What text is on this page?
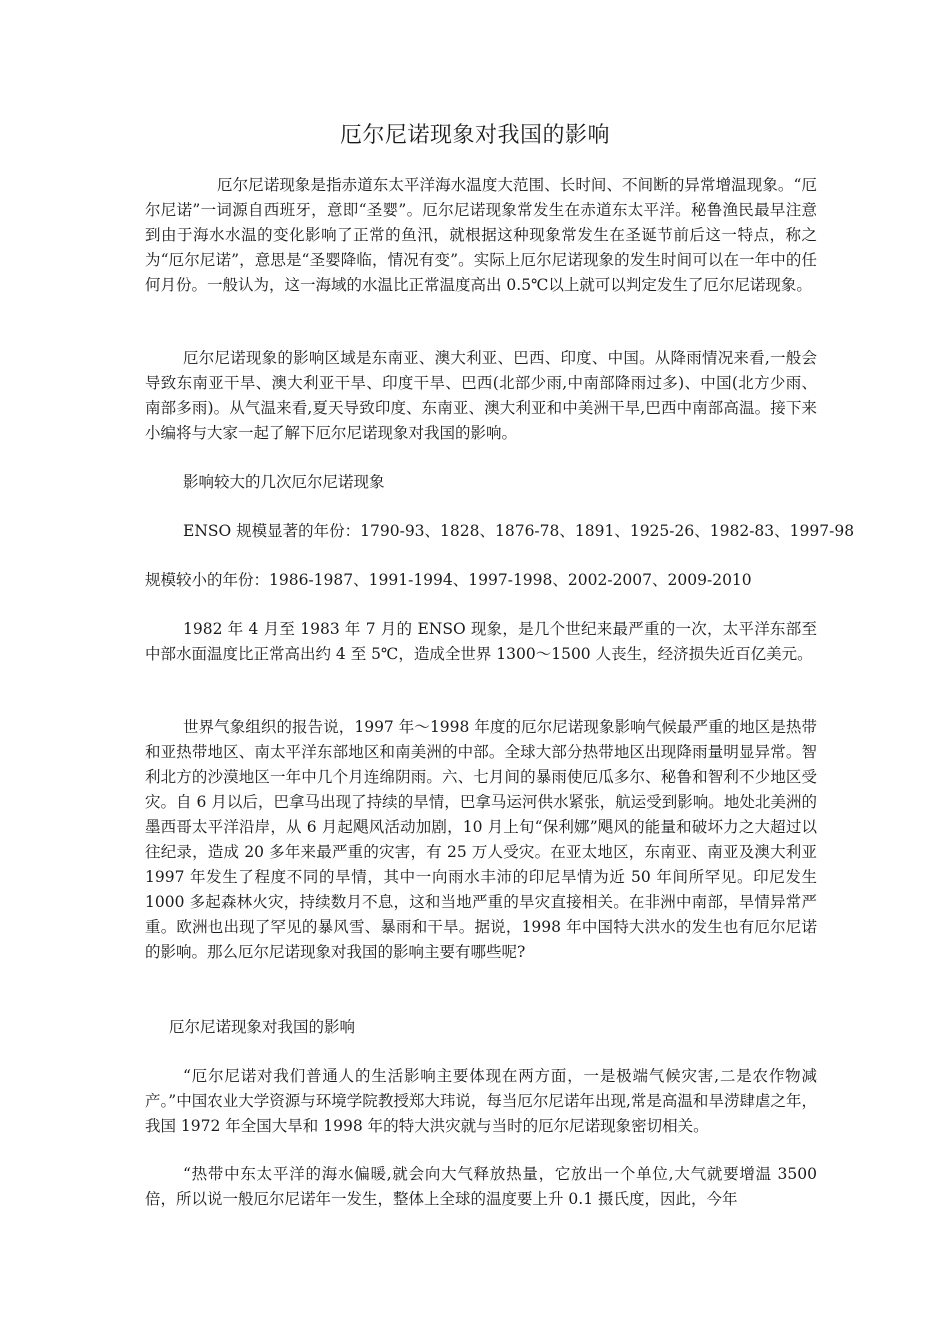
厄尔尼诺现象对我国的影响

厄尔尼诺现象是指赤道东太平洋海水温度大范围、长时间、不间断的异常增温现象。“厄尔尼诺”一词源自西班牙，意即“圣婴”。厄尔尼诺现象常发生在赤道东太平洋。秘鲁渔民最早注意到由于海水水温的变化影响了正常的鱼汛，就根据这种现象常发生在圣诞节前后这一特点，称之为“厄尔尼诺”，意思是“圣婴降临，情况有变”。实际上厄尔尼诺现象的发生时间可以在一年中的任何月份。一般认为，这一海域的水温比正常温度高出 0.5℃以上就可以判定发生了厄尔尼诺现象。

厄尔尼诺现象的影响区域是东南亚、澳大利亚、巴西、印度、中国。从降雨情况来看,一般会导致东南亚干旱、澳大利亚干旱、印度干旱、巴西(北部少雨,中南部降雨过多)、中国(北方少雨、南部多雨)。从气温来看,夏天导致印度、东南亚、澳大利亚和中美洲干旱,巴西中南部高温。接下来小编将与大家一起了解下厄尔尼诺现象对我国的影响。

影响较大的几次厄尔尼诺现象

ENSO 规模显著的年份：1790-93、1828、1876-78、1891、1925-26、1982-83、1997-98

规模较小的年份：1986-1987、1991-1994、1997-1998、2002-2007、2009-2010

1982 年 4 月至 1983 年 7 月的 ENSO 现象，是几个世纪来最严重的一次，太平洋东部至中部水面温度比正常高出约 4 至 5℃，造成全世界 1300～1500 人丧生，经济损失近百亿美元。

世界气象组织的报告说，1997 年～1998 年度的厄尔尼诺现象影响气候最严重的地区是热带和亚热带地区、南太平洋东部地区和南美洲的中部。全球大部分热带地区出现降雨量明显异常。智利北方的沙漠地区一年中几个月连绵阴雨。六、七月间的暴雨使厄瓜多尔、秘鲁和智利不少地区受灾。自 6 月以后，巴拿马出现了持续的旱情，巴拿马运河供水紧张，航运受到影响。地处北美洲的墨西哥太平洋沿岸，从 6 月起飓风活动加剧，10 月上旬“保利娜”飓风的能量和破坏力之大超过以往纪录，造成 20 多年来最严重的灾害，有 25 万人受灾。在亚太地区，东南亚、南亚及澳大利亚 1997 年发生了程度不同的旱情，其中一向雨水丰沛的印尼旱情为近 50 年间所罕见。印尼发生 1000 多起森林火灾，持续数月不息，这和当地严重的旱灾直接相关。在非洲中南部，旱情异常严重。欧洲也出现了罕见的暴风雪、暴雨和干旱。据说，1998 年中国特大洪水的发生也有厄尔尼诺的影响。那么厄尔尼诺现象对我国的影响主要有哪些呢?

厄尔尼诺现象对我国的影响

“厄尔尼诺对我们普通人的生活影响主要体现在两方面，一是极端气候灾害,二是农作物减产。”中国农业大学资源与环境学院教授郑大玮说，每当厄尔尼诺年出现,常是高温和旱涝肆虐之年，我国 1972 年全国大旱和 1998 年的特大洪灾就与当时的厄尔尼诺现象密切相关。

“热带中东太平洋的海水偏暖,就会向大气释放热量，它放出一个单位,大气就要增温 3500 倍，所以说一般厄尔尼诺年一发生，整体上全球的温度要上升 0.1 摄氏度，因此，今年
